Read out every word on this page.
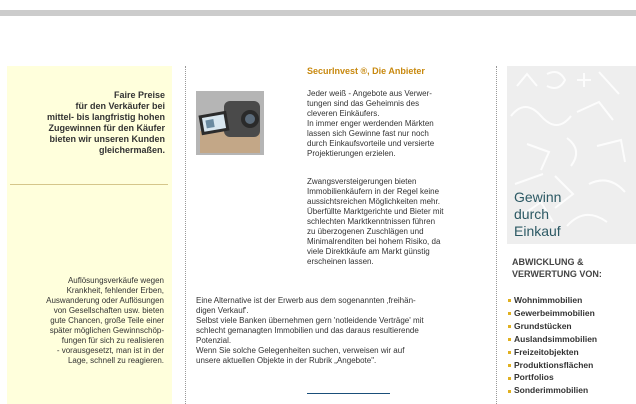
Faire Preise
für den Verkäufer bei
mittel- bis langfristig hohen
Zugewinnen für den Käufer
bieten wir unseren Kunden
gleichermaßen.
Auflösungsverkäufe wegen
Krankheit, fehlender Erben,
Auswanderung oder Auflösungen
von Gesellschaften usw. bieten
gute Chancen, große Teile einer
später möglichen Gewinnschöp-
fungen für sich zu realisieren
- vorausgesetzt, man ist in der
Lage, schnell zu reagieren.
SecurInvest ®, Die Anbieter
Jeder weiß - Angebote aus Verwer-
tungen sind das Geheimnis des
cleveren Einkäufers.
In immer enger werdenden Märkten
lassen sich Gewinne fast nur noch
durch Einkaufsvorteile und versierte
Projektierungen erzielen.
Zwangsversteigerungen bieten
Immobilienkäufern in der Regel keine
aussichtsreichen Möglichkeiten mehr.
Überfüllte Marktgerichte und Bieter mit
schlechten Marktkenntnissen führen
zu überzogenen Zuschlägen und
Minimalrenditen bei hohem Risiko, da
viele Direktkäufe am Markt günstig
erscheinen lassen.
Eine Alternative ist der Erwerb aus dem sogenannten ‚freihän-
digen Verkauf'.
Selbst viele Banken übernehmen gern 'notleidende Verträge' mit
schlecht gemanagten Immobilien und das daraus resultierende
Potenzial.
Wenn Sie solche Gelegenheiten suchen, verweisen wir auf
unsere aktuellen Objekte in der Rubrik „Angebote".
Gewinn
durch
Einkauf
ABWICKLUNG &
VERWERTUNG VON:
Wohnimmobilien
Gewerbeimmobilien
Grundstücken
Auslandsimmobilien
Freizeitobjekten
Produktionsflächen
Portfolios
Sonderimmobilien
